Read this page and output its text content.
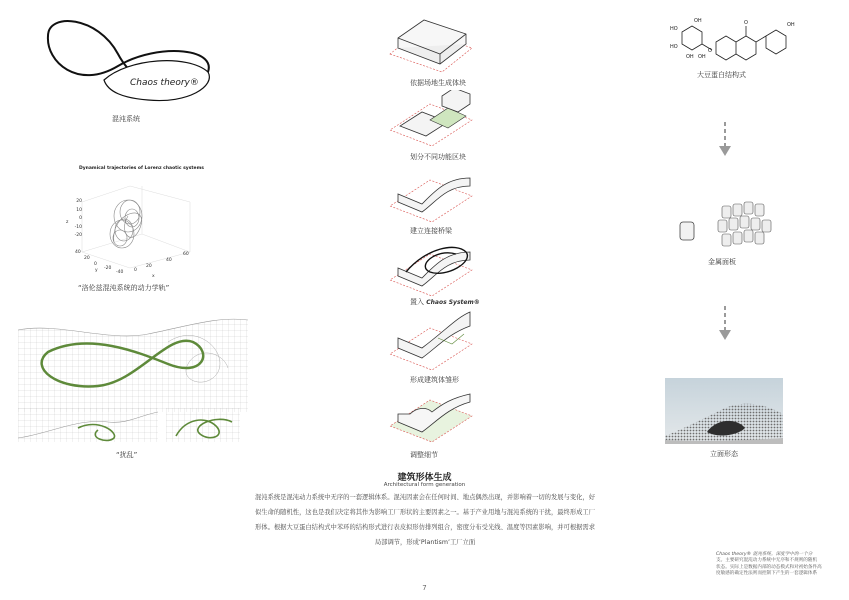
Chaos theory®
混沌系统
Dynamical trajectories of Lorenz chaotic systems
20
10
0
-10
-20
z
40
20
0
-20
-40
y	0
20
40
60
x
“洛伦兹混沌系统的动力学轨”
“扰乱”
依据场地生成体块
划分不同功能区块
建立连接桥梁
置入 Chaos System®
形成建筑体雏形
调整细节
建筑形体生成
Architectural form generation
混沌系统是混沌动力系统中无序的一套逻辑体系。混沌因素会在任何时间、地点偶然出现，并影响着一切的发展与变化，好
似生命的随机性，这也是我们决定将其作为影响工厂形状的主要因素之一。基于产业用地与混沌系统的干扰，最终形成工厂
形体。根据大豆蛋白结构式中苯环的结构形式进行表皮拟形仿排列组合，密度分布受光线、温度等因素影响，并可根据需求
局部调节，形成‘Plantism’工厂立面
7
HO
OH
HO
OH OH
O
O	OH
大豆蛋白结构式
金属面板
立面形态
Chaos theory® 混沌系统。深度学中的一个分
支。主要研究混沌动力系统中无序和不规则的随机
状态。实际上是数据内部的动态模式和对初始条件高
度敏感的确定性法则而控制下产生的一套逻辑体系
